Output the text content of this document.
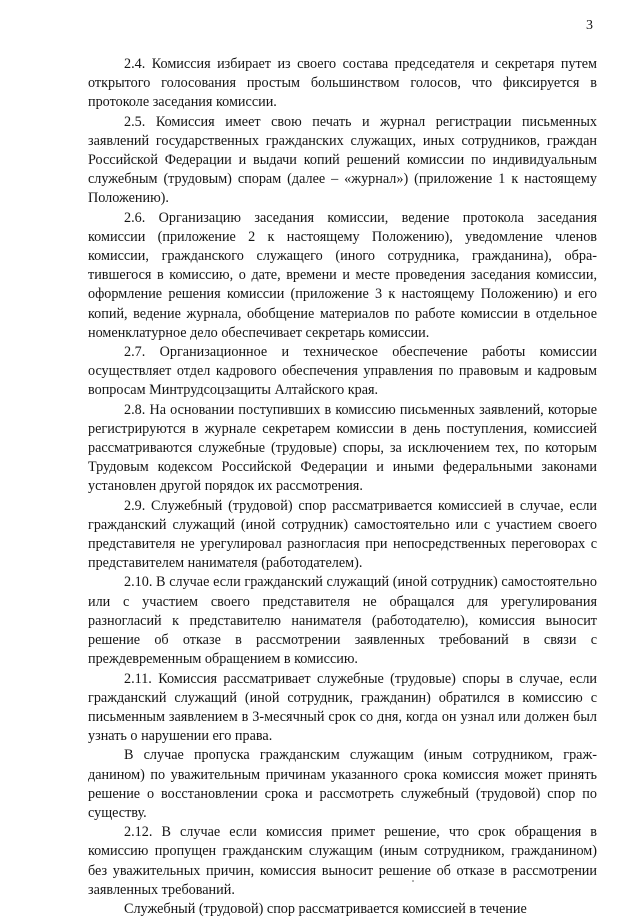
3

2.4. Комиссия избирает из своего состава председателя и секретаря путем открытого голосования простым большинством голосов, что фиксируется в протоколе заседания комиссии.

2.5. Комиссия имеет свою печать и журнал регистрации письменных заявлений государственных гражданских служащих, иных сотрудников, граждан Российской Федерации и выдачи копий решений комиссии по индивидуальным служебным (трудовым) спорам (далее – «журнал») (приложение 1 к настоящему Положению).

2.6. Организацию заседания комиссии, ведение протокола заседания комиссии (приложение 2 к настоящему Положению), уведомление членов комиссии, гражданского служащего (иного сотрудника, гражданина), обратившегося в комиссию, о дате, времени и месте проведения заседания комиссии, оформление решения комиссии (приложение 3 к настоящему Положению) и его копий, ведение журнала, обобщение материалов по работе комиссии в отдельное номенклатурное дело обеспечивает секретарь комиссии.

2.7. Организационное и техническое обеспечение работы комиссии осуществляет отдел кадрового обеспечения управления по правовым и кадровым вопросам Минтрудсоцзащиты Алтайского края.

2.8. На основании поступивших в комиссию письменных заявлений, которые регистрируются в журнале секретарем комиссии в день поступления, комиссией рассматриваются служебные (трудовые) споры, за исключением тех, по которым Трудовым кодексом Российской Федерации и иными федеральными законами установлен другой порядок их рассмотрения.

2.9. Служебный (трудовой) спор рассматривается комиссией в случае, если гражданский служащий (иной сотрудник) самостоятельно или с участием своего представителя не урегулировал разногласия при непосредственных переговорах с представителем нанимателя (работодателем).

2.10. В случае если гражданский служащий (иной сотрудник) самостоятельно или с участием своего представителя не обращался для урегулирования разногласий к представителю нанимателя (работодателю), комиссия выносит решение об отказе в рассмотрении заявленных требований в связи с преждевременным обращением в комиссию.

2.11. Комиссия рассматривает служебные (трудовые) споры в случае, если гражданский служащий (иной сотрудник, гражданин) обратился в комиссию с письменным заявлением в 3-месячный срок со дня, когда он узнал или должен был узнать о нарушении его права.

В случае пропуска гражданским служащим (иным сотрудником, гражданином) по уважительным причинам указанного срока комиссия может принять решение о восстановлении срока и рассмотреть служебный (трудовой) спор по существу.

2.12. В случае если комиссия примет решение, что срок обращения в комиссию пропущен гражданским служащим (иным сотрудником, гражданином) без уважительных причин, комиссия выносит решение об отказе в рассмотрении заявленных требований.

Служебный (трудовой) спор рассматривается комиссией в течение
